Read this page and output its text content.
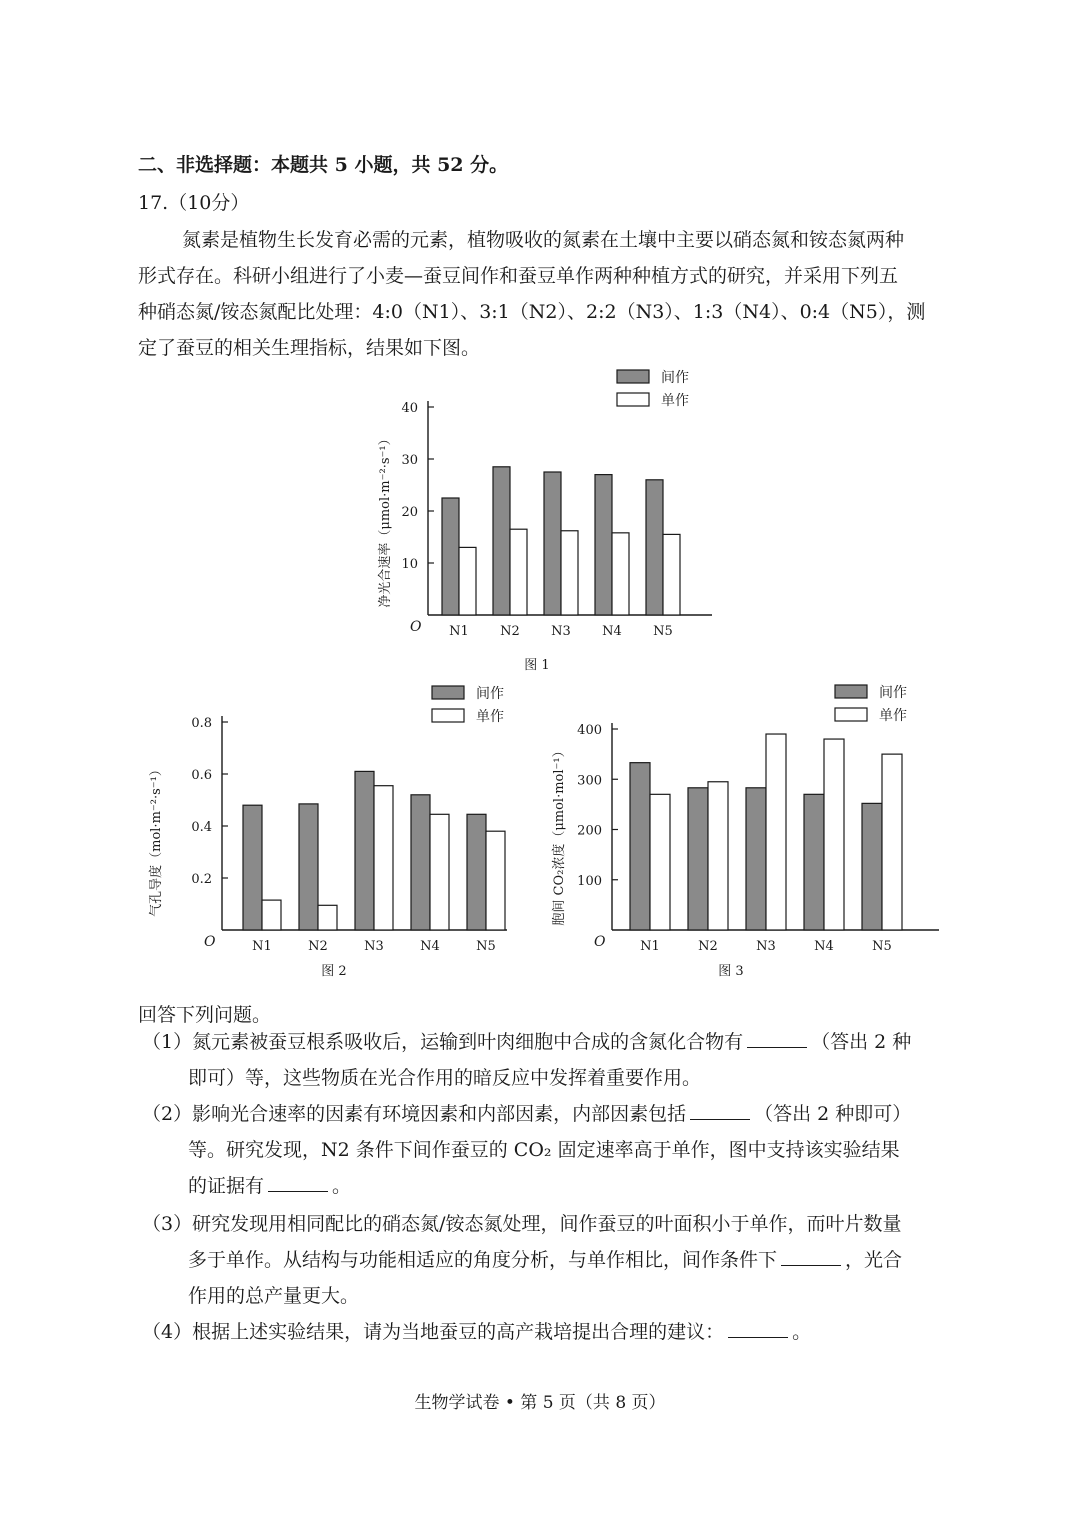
二、非选择题：本题共 5 小题，共 52 分。
17.（10分）
氮素是植物生长发育必需的元素，植物吸收的氮素在土壤中主要以硝态氮和铵态氮两种
形式存在。科研小组进行了小麦—蚕豆间作和蚕豆单作两种种植方式的研究，并采用下列五
种硝态氮/铵态氮配比处理：4:0（N1）、3:1（N2）、2:2（N3）、1:3（N4）、0:4（N5），测
定了蚕豆的相关生理指标，结果如下图。
O
10
20
30
40
N1 N2 N3 N4 N5
净光合速率（μmol·m⁻²·s⁻¹）
间作
单作
图 1
O
0.2
0.4
0.6
0.8
N1	N2	N3	N4	N5
气孔导度（mol·m⁻²·s⁻¹）
间作
单作
图 2
O
100
200
300
400
N1	N2	N3	N4	N5
胞间 CO₂浓度（μmol·mol⁻¹）
间作
单作
图 3
回答下列问题。
（1）氮元素被蚕豆根系吸收后，运输到叶肉细胞中合成的含氮化合物有	（答出 2 种
即可）等，这些物质在光合作用的暗反应中发挥着重要作用。
（2）影响光合速率的因素有环境因素和内部因素，内部因素包括	（答出 2 种即可）
等。研究发现，N2 条件下间作蚕豆的 CO₂ 固定速率高于单作，图中支持该实验结果
的证据有	。
（3）研究发现用相同配比的硝态氮/铵态氮处理，间作蚕豆的叶面积小于单作，而叶片数量
多于单作。从结构与功能相适应的角度分析，与单作相比，间作条件下	，光合
作用的总产量更大。
（4）根据上述实验结果，请为当地蚕豆的高产栽培提出合理的建议：	。
生物学试卷 • 第 5 页（共 8 页）
